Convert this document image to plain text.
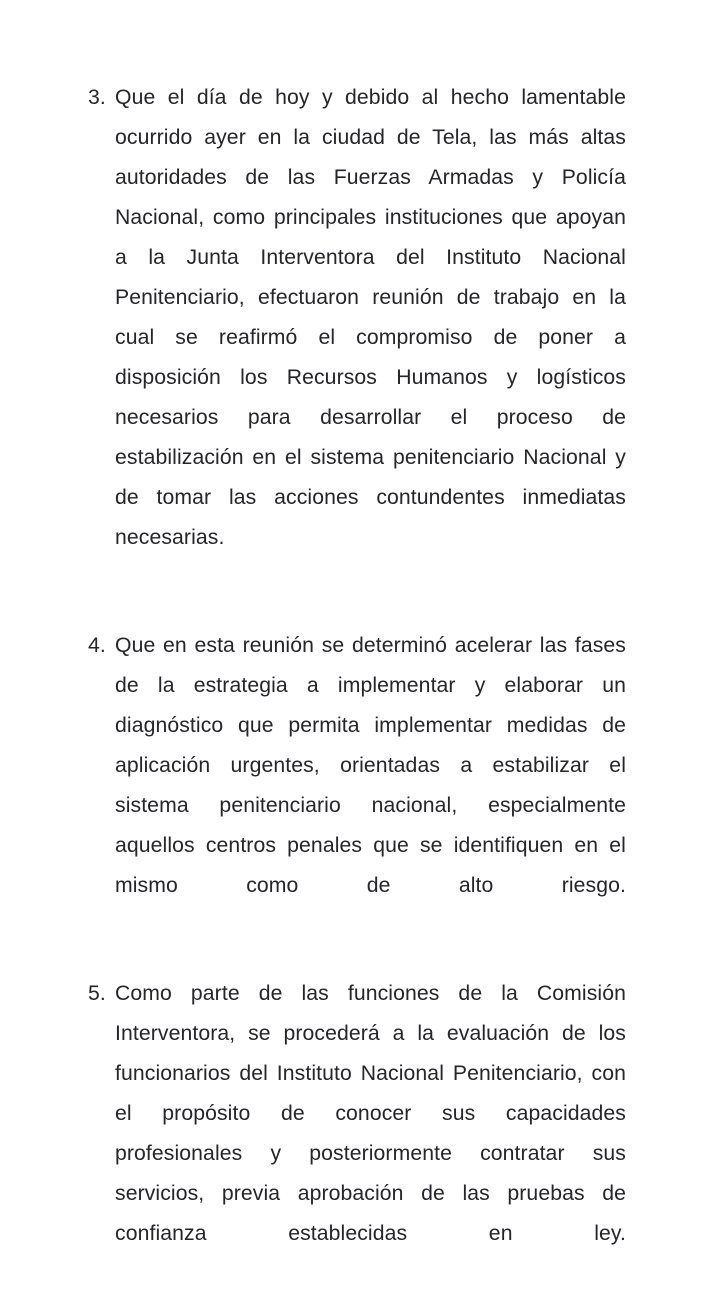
3. Que el día de hoy y debido al hecho lamentable ocurrido ayer en la ciudad de Tela, las más altas autoridades de las Fuerzas Armadas y Policía Nacional, como principales instituciones que apoyan a la Junta Interventora del Instituto Nacional Penitenciario, efectuaron reunión de trabajo en la cual se reafirmó el compromiso de poner a disposición los Recursos Humanos y logísticos necesarios para desarrollar el proceso de estabilización en el sistema penitenciario Nacional y de tomar las acciones contundentes inmediatas necesarias.
4. Que en esta reunión se determinó acelerar las fases de la estrategia a implementar y elaborar un diagnóstico que permita implementar medidas de aplicación urgentes, orientadas a estabilizar el sistema penitenciario nacional, especialmente aquellos centros penales que se identifiquen en el mismo como de alto riesgo.
5. Como parte de las funciones de la Comisión Interventora, se procederá a la evaluación de los funcionarios del Instituto Nacional Penitenciario, con el propósito de conocer sus capacidades profesionales y posteriormente contratar sus servicios, previa aprobación de las pruebas de confianza establecidas en ley.
